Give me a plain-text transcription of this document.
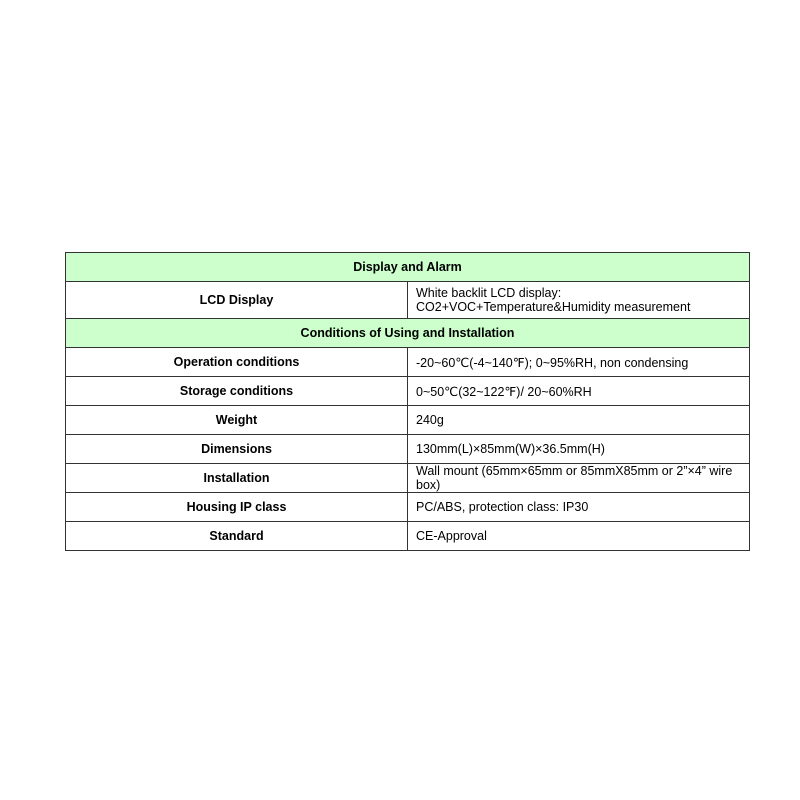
Display and Alarm	
LCD Display	White backlit LCD display: CO2+VOC+Temperature&Humidity measurement
Conditions of Using and Installation	
Operation conditions	-20~60℃(-4~140℉); 0~95%RH, non condensing
Storage conditions	0~50℃(32~122℉)/ 20~60%RH
Weight	240g
Dimensions	130mm(L)×85mm(W)×36.5mm(H)
Installation	Wall mount (65mm×65mm or 85mmX85mm or 2”×4” wire box)
Housing IP class	PC/ABS, protection class: IP30
Standard	CE-Approval
